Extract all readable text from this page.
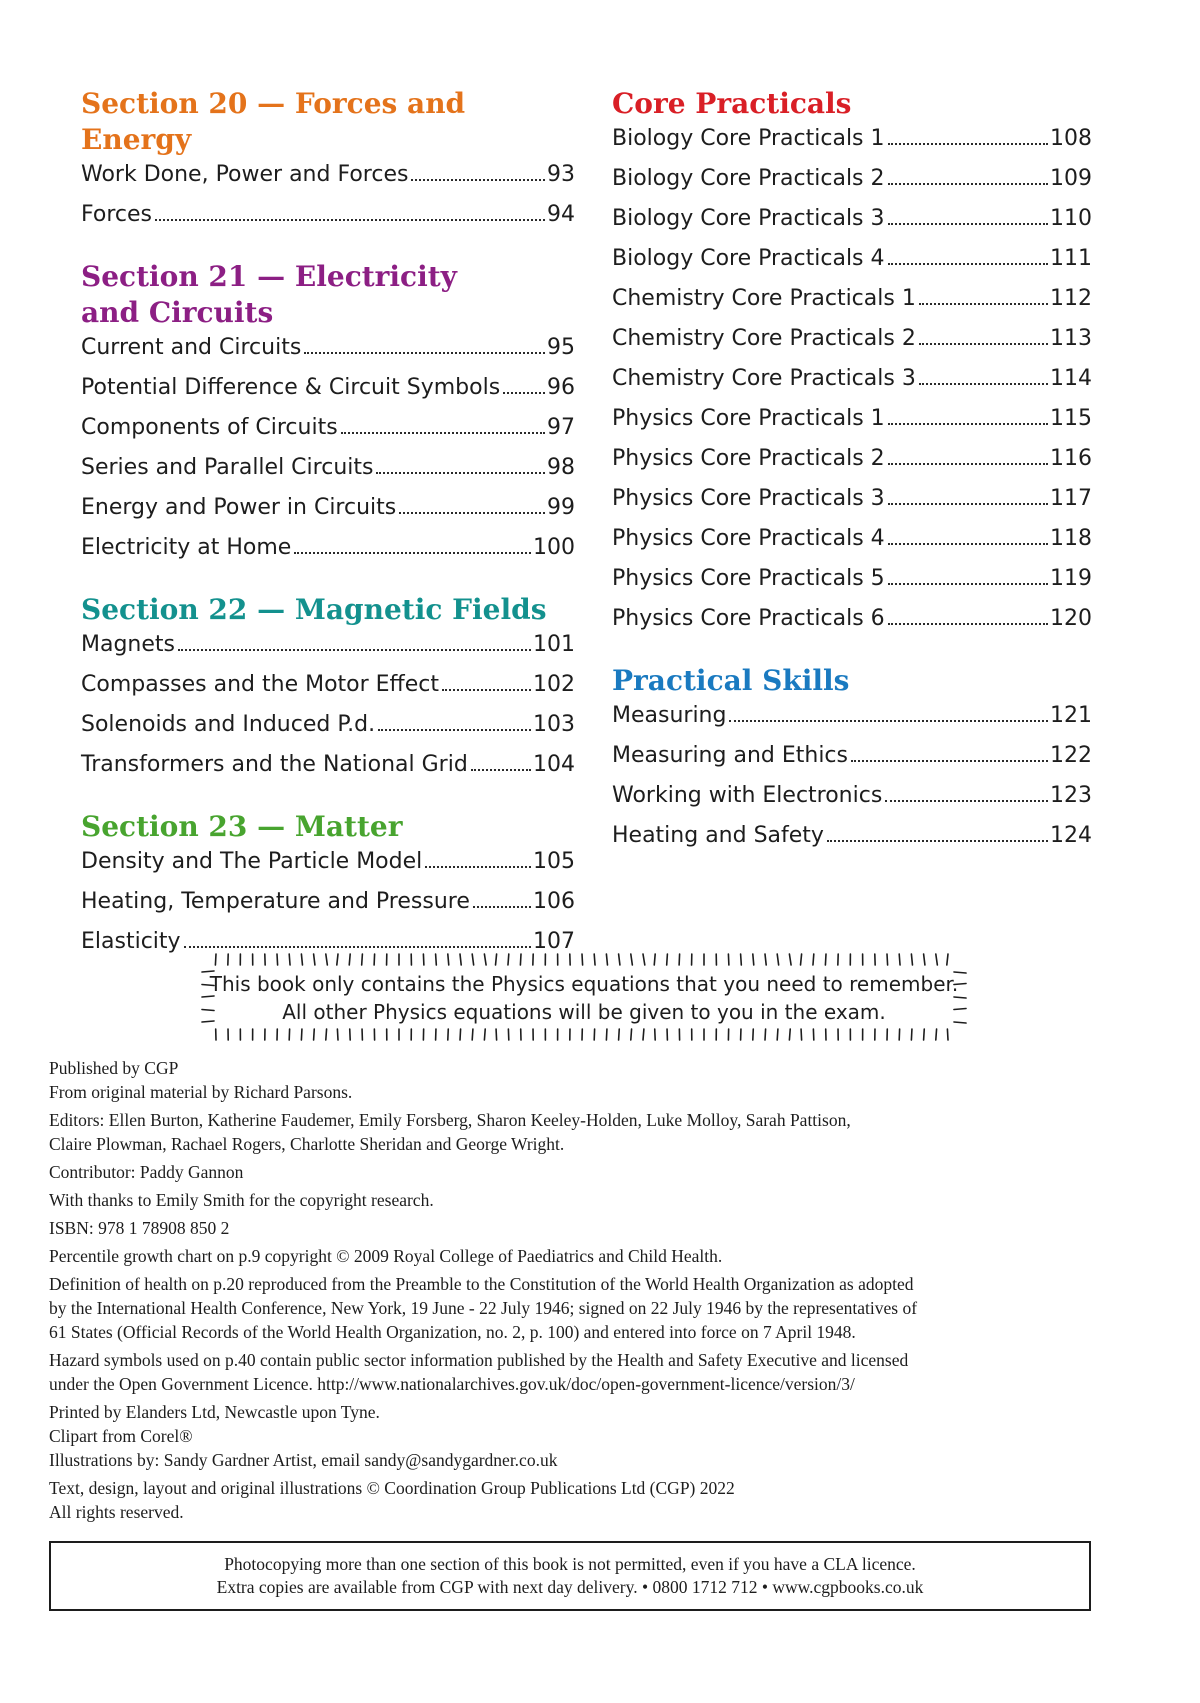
Section 20 — Forces and Energy
Work Done, Power and Forces	93
Forces	94
Section 21 — Electricity and Circuits
Current and Circuits	95
Potential Difference & Circuit Symbols 96
Components of Circuits	97
Series and Parallel Circuits	98
Energy and Power in Circuits	99
Electricity at Home	100
Section 22 — Magnetic Fields
Magnets	101
Compasses and the Motor Effect	102
Solenoids and Induced P.d.	103
Transformers and the National Grid	104
Section 23 — Matter
Density and The Particle Model	105
Heating, Temperature and Pressure	106
Elasticity	107
Core Practicals
Biology Core Practicals 1	108
Biology Core Practicals 2	109
Biology Core Practicals 3	110
Biology Core Practicals 4	111
Chemistry Core Practicals 1	112
Chemistry Core Practicals 2	113
Chemistry Core Practicals 3	114
Physics Core Practicals 1	115
Physics Core Practicals 2	116
Physics Core Practicals 3	117
Physics Core Practicals 4	118
Physics Core Practicals 5	119
Physics Core Practicals 6	120
Practical Skills
Measuring	121
Measuring and Ethics	122
Working with Electronics	123
Heating and Safety	124
This book only contains the Physics equations that you need to remember.
All other Physics equations will be given to you in the exam.

Published by CGP

From original material by Richard Parsons.

Editors: Ellen Burton, Katherine Faudemer, Emily Forsberg, Sharon Keeley-Holden, Luke Molloy, Sarah Pattison,

Claire Plowman, Rachael Rogers, Charlotte Sheridan and George Wright.

Contributor: Paddy Gannon

With thanks to Emily Smith for the copyright research.

ISBN: 978 1 78908 850 2

Percentile growth chart on p.9 copyright © 2009 Royal College of Paediatrics and Child Health.

Definition of health on p.20 reproduced from the Preamble to the Constitution of the World Health Organization as adopted

by the International Health Conference, New York, 19 June - 22 July 1946; signed on 22 July 1946 by the representatives of

61 States (Official Records of the World Health Organization, no. 2, p. 100) and entered into force on 7 April 1948.

Hazard symbols used on p.40 contain public sector information published by the Health and Safety Executive and licensed

under the Open Government Licence. http://www.nationalarchives.gov.uk/doc/open-government-licence/version/3/

Printed by Elanders Ltd, Newcastle upon Tyne.

Clipart from Corel®

Illustrations by: Sandy Gardner Artist, email sandy@sandygardner.co.uk

Text, design, layout and original illustrations © Coordination Group Publications Ltd (CGP) 2022

All rights reserved.

Photocopying more than one section of this book is not permitted, even if you have a CLA licence.
Extra copies are available from CGP with next day delivery. • 0800 1712 712 • www.cgpbooks.co.uk
